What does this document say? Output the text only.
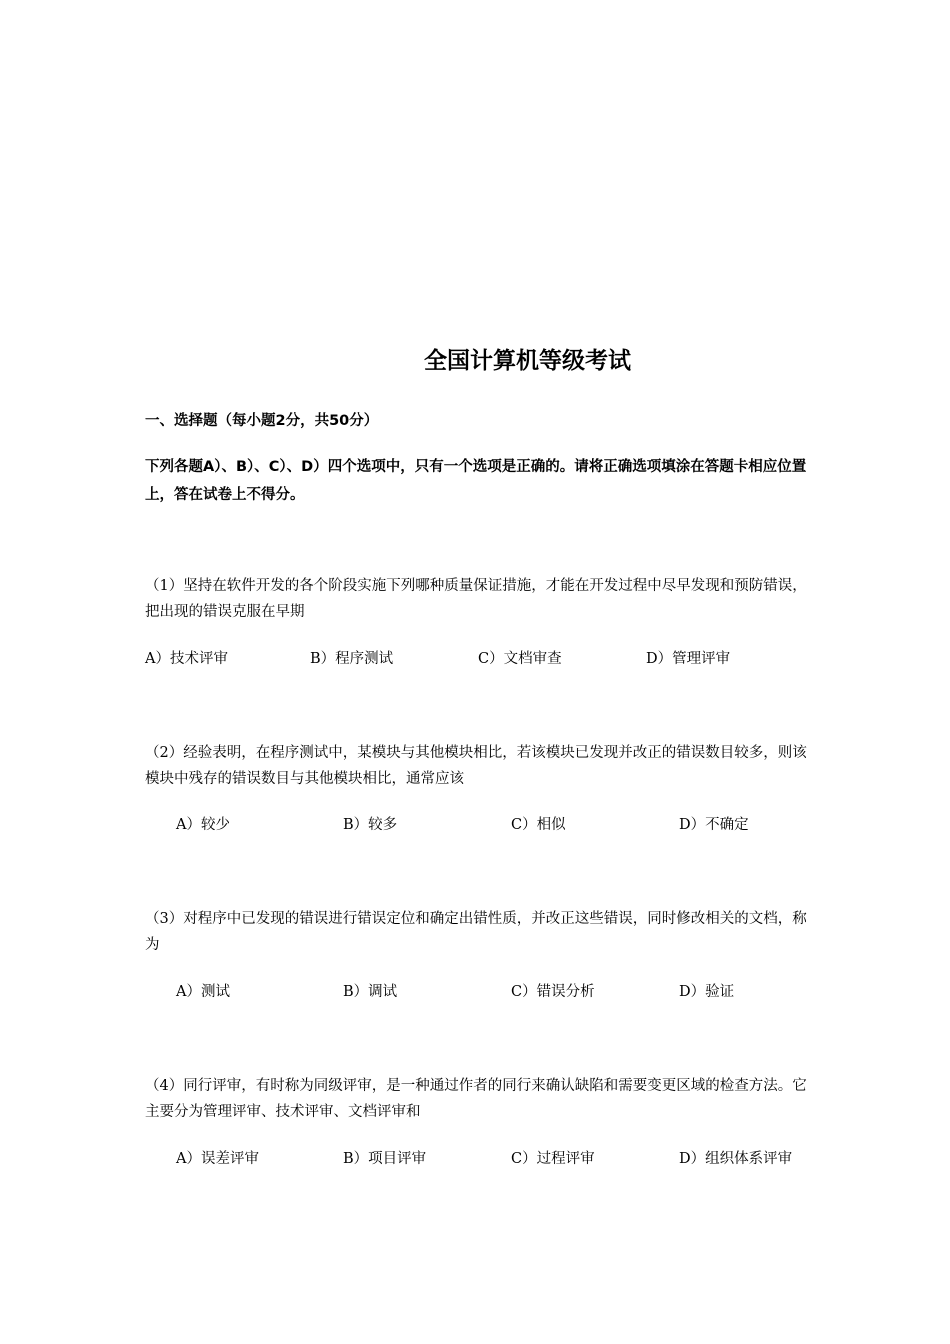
全国计算机等级考试
一、选择题（每小题2分，共50分）
下列各题A）、B）、C）、D）四个选项中，只有一个选项是正确的。请将正确选项填涂在答题卡相应位置上，答在试卷上不得分。
（1）坚持在软件开发的各个阶段实施下列哪种质量保证措施，才能在开发过程中尽早发现和预防错误，把出现的错误克服在早期
A）技术评审	B）程序测试	C）文档审查	D）管理评审
（2）经验表明，在程序测试中，某模块与其他模块相比，若该模块已发现并改正的错误数目较多，则该模块中残存的错误数目与其他模块相比，通常应该
A）较少	B）较多	C）相似	D）不确定
（3）对程序中已发现的错误进行错误定位和确定出错性质，并改正这些错误，同时修改相关的文档，称为
A）测试	B）调试	C）错误分析	D）验证
（4）同行评审，有时称为同级评审，是一种通过作者的同行来确认缺陷和需要变更区域的检查方法。它主要分为管理评审、技术评审、文档评审和
A）误差评审	B）项目评审	C）过程评审	D）组织体系评审
